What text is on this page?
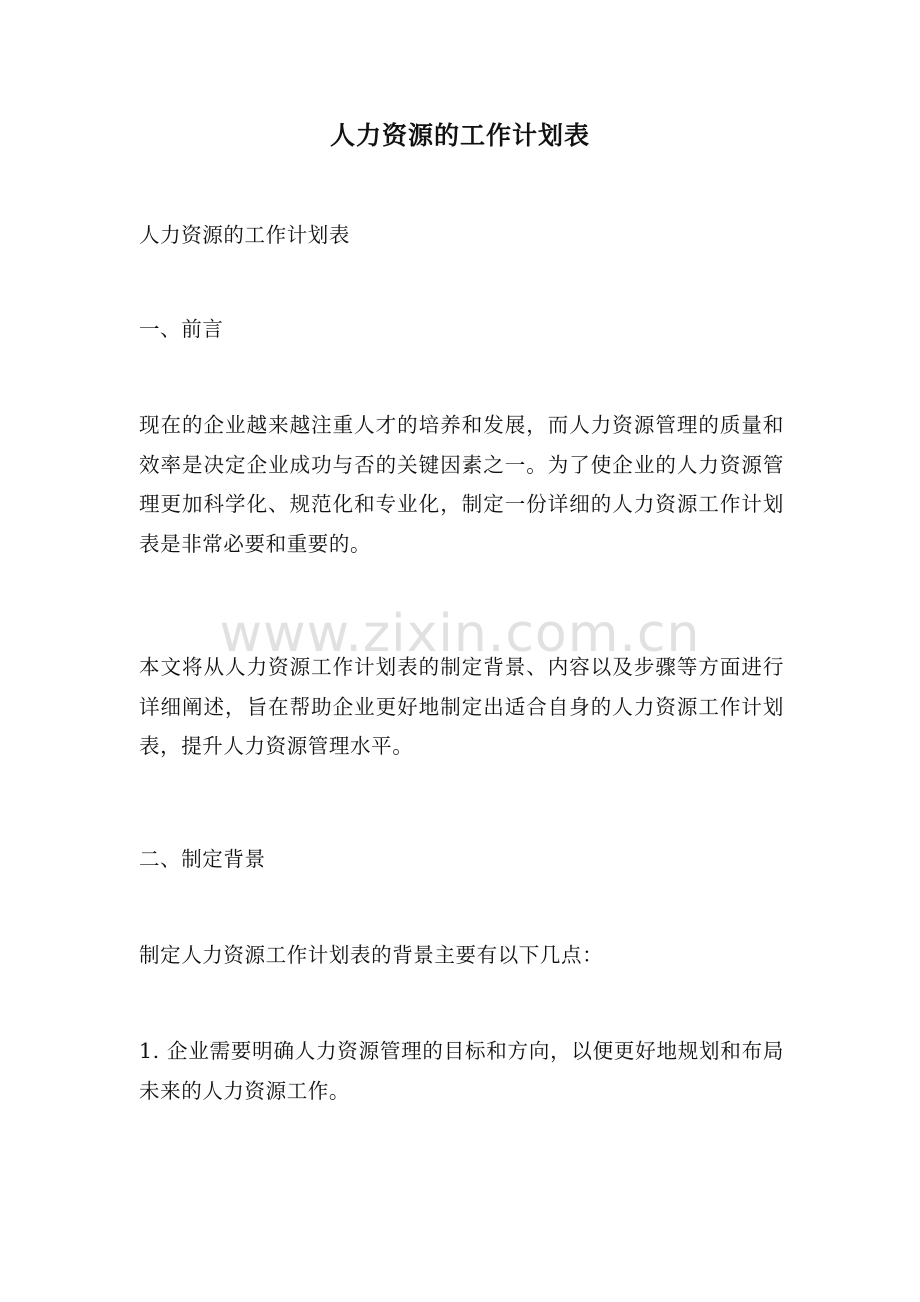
人力资源的工作计划表
人力资源的工作计划表
一、前言
现在的企业越来越注重人才的培养和发展，而人力资源管理的质量和效率是决定企业成功与否的关键因素之一。为了使企业的人力资源管理更加科学化、规范化和专业化，制定一份详细的人力资源工作计划表是非常必要和重要的。
本文将从人力资源工作计划表的制定背景、内容以及步骤等方面进行详细阐述，旨在帮助企业更好地制定出适合自身的人力资源工作计划表，提升人力资源管理水平。
二、制定背景
制定人力资源工作计划表的背景主要有以下几点：
1. 企业需要明确人力资源管理的目标和方向，以便更好地规划和布局未来的人力资源工作。
www.zixin.com.cn
